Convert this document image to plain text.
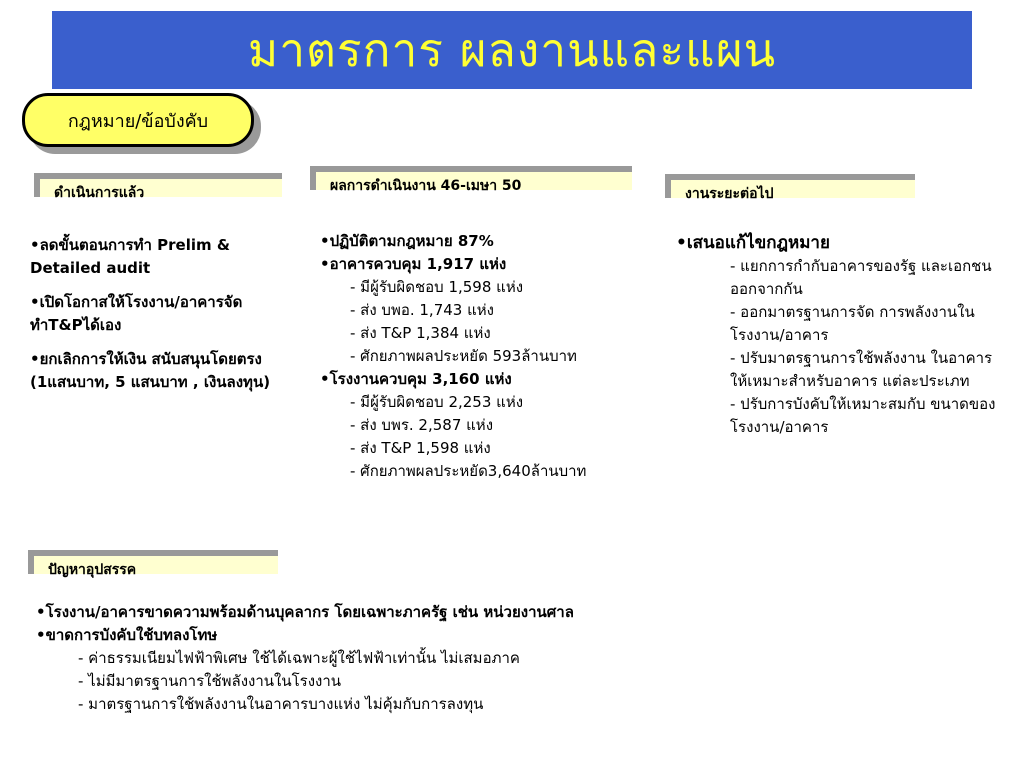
มาตรการ ผลงานและแผน
กฎหมาย/ข้อบังคับ
ดำเนินการแล้ว

•ลดขั้นตอนการทำ Prelim & Detailed audit

•เปิดโอกาสให้โรงงาน/อาคารจัดทำT&Pได้เอง

•ยกเลิกการให้เงิน สนับสนุนโดยตรง (1แสนบาท, 5 แสนบาท , เงินลงทุน)

ผลการดำเนินงาน 46-เมษา 50

•ปฏิบัติตามกฎหมาย 87%

•อาคารควบคุม 1,917 แห่ง

- มีผู้รับผิดชอบ 1,598 แห่ง

- ส่ง บพอ. 1,743 แห่ง

- ส่ง T&P 1,384 แห่ง

- ศักยภาพผลประหยัด 593ล้านบาท

•โรงงานควบคุม 3,160 แห่ง

- มีผู้รับผิดชอบ 2,253 แห่ง

- ส่ง บพร. 2,587 แห่ง

- ส่ง T&P 1,598 แห่ง

- ศักยภาพผลประหยัด3,640ล้านบาท

งานระยะต่อไป

•เสนอแก้ไขกฎหมาย

- แยกการกำกับอาคารของรัฐ และเอกชนออกจากกัน

- ออกมาตรฐานการจัด การพลังงานในโรงงาน/อาคาร

- ปรับมาตรฐานการใช้พลังงาน ในอาคารให้เหมาะสำหรับอาคาร แต่ละประเภท

- ปรับการบังคับให้เหมาะสมกับ ขนาดของโรงงาน/อาคาร

ปัญหาอุปสรรค

•โรงงาน/อาคารขาดความพร้อมด้านบุคลากร โดยเฉพาะภาครัฐ เช่น หน่วยงานศาล

•ขาดการบังคับใช้บทลงโทษ

- ค่าธรรมเนียมไฟฟ้าพิเศษ ใช้ได้เฉพาะผู้ใช้ไฟฟ้าเท่านั้น ไม่เสมอภาค

- ไม่มีมาตรฐานการใช้พลังงานในโรงงาน

- มาตรฐานการใช้พลังงานในอาคารบางแห่ง ไม่คุ้มกับการลงทุน
